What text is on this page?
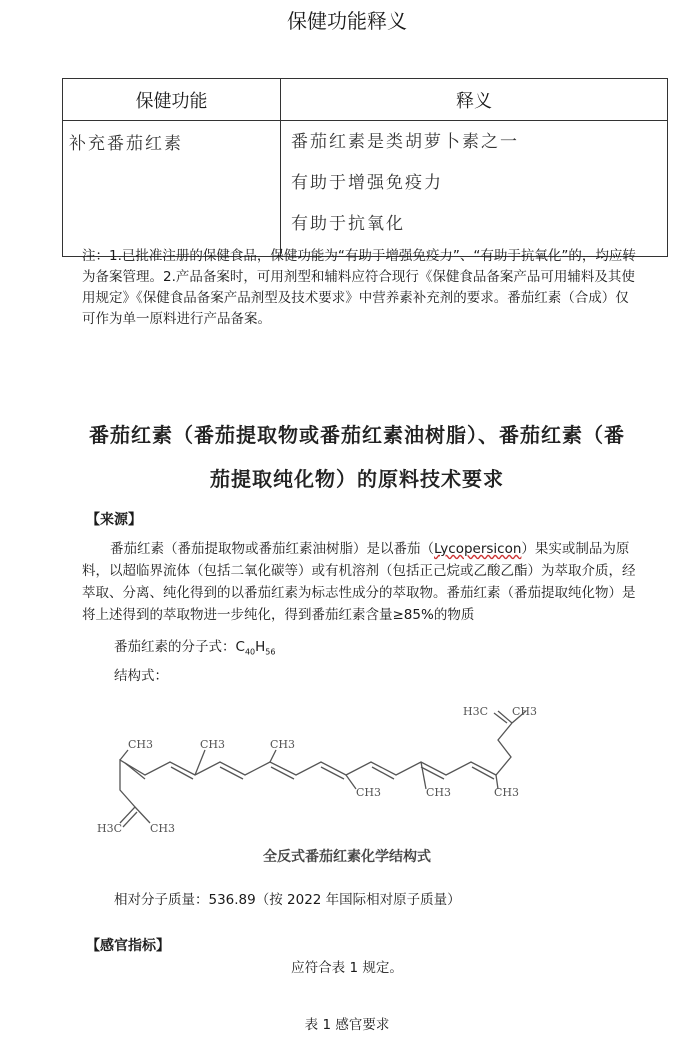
保健功能释义
保健功能	释义
补充番茄红素	番茄红素是类胡萝卜素之一
有助于增强免疫力
有助于抗氧化
注：1.已批准注册的保健食品，保健功能为“有助于增强免疫力”、“有助于抗氧化”的，均应转为备案管理。2.产品备案时，可用剂型和辅料应符合现行《保健食品备案产品可用辅料及其使用规定》《保健食品备案产品剂型及技术要求》中营养素补充剂的要求。番茄红素（合成）仅可作为单一原料进行产品备案。
番茄红素（番茄提取物或番茄红素油树脂）、番茄红素（番
茄提取纯化物）的原料技术要求
【来源】
番茄红素（番茄提取物或番茄红素油树脂）是以番茄（Lycopersicon）果实或制品为原料，以超临界流体（包括二氧化碳等）或有机溶剂（包括正己烷或乙酸乙酯）为萃取介质，经萃取、分离、纯化得到的以番茄红素为标志性成分的萃取物。番茄红素（番茄提取纯化物）是将上述得到的萃取物进一步纯化，得到番茄红素含量≥85%的物质
番茄红素的分子式：$C_{40}H_{56}$
结构式：
CH3	CH3	CH3
CH3	CH3	CH3
CH3
H3C
CH3
H3C
全反式番茄红素化学结构式
相对分子质量：536.89（按 2022 年国际相对原子质量）
【感官指标】
应符合表 1 规定。
表 1 感官要求
